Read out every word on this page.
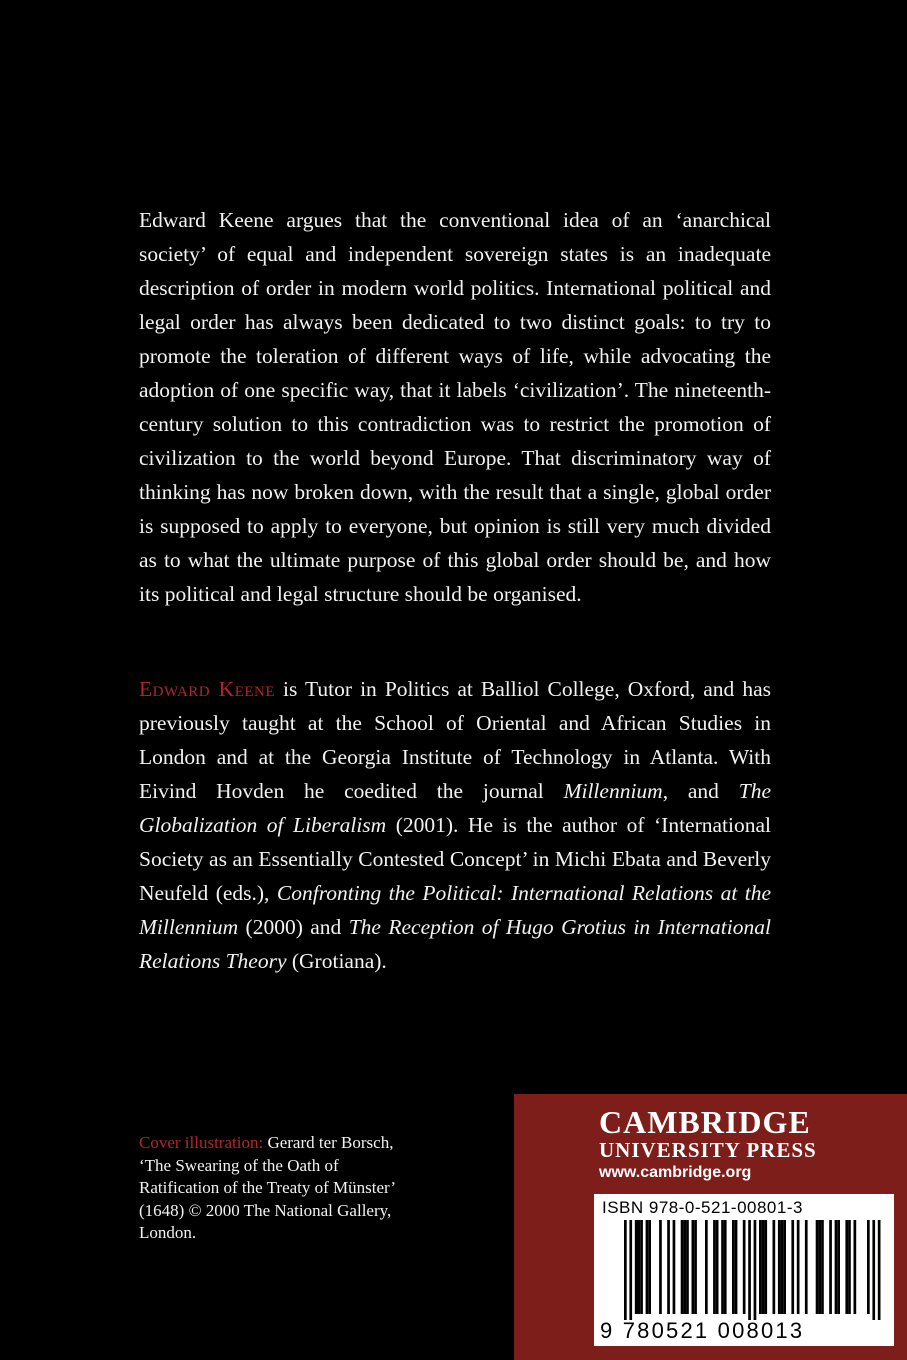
Edward Keene argues that the conventional idea of an ‘anarchical society’ of equal and independent sovereign states is an inadequate description of order in modern world politics. International political and legal order has always been dedicated to two distinct goals: to try to promote the toleration of different ways of life, while advocating the adoption of one specific way, that it labels ‘civilization’. The nineteenth-century solution to this contradiction was to restrict the promotion of civilization to the world beyond Europe. That discriminatory way of thinking has now broken down, with the result that a single, global order is supposed to apply to everyone, but opinion is still very much divided as to what the ultimate purpose of this global order should be, and how its political and legal structure should be organised.
Edward Keene is Tutor in Politics at Balliol College, Oxford, and has previously taught at the School of Oriental and African Studies in London and at the Georgia Institute of Technology in Atlanta. With Eivind Hovden he coedited the journal Millennium, and The Globalization of Liberalism (2001). He is the author of ‘International Society as an Essentially Contested Concept’ in Michi Ebata and Beverly Neufeld (eds.), Confronting the Political: International Relations at the Millennium (2000) and The Reception of Hugo Grotius in International Relations Theory (Grotiana).
Cover illustration: Gerard ter Borsch, ‘The Swearing of the Oath of Ratification of the Treaty of Münster’ (1648) © 2000 The National Gallery, London.
CAMBRIDGE
UNIVERSITY PRESS
www.cambridge.org
ISBN 978-0-521-00801-3
9 780521 008013
